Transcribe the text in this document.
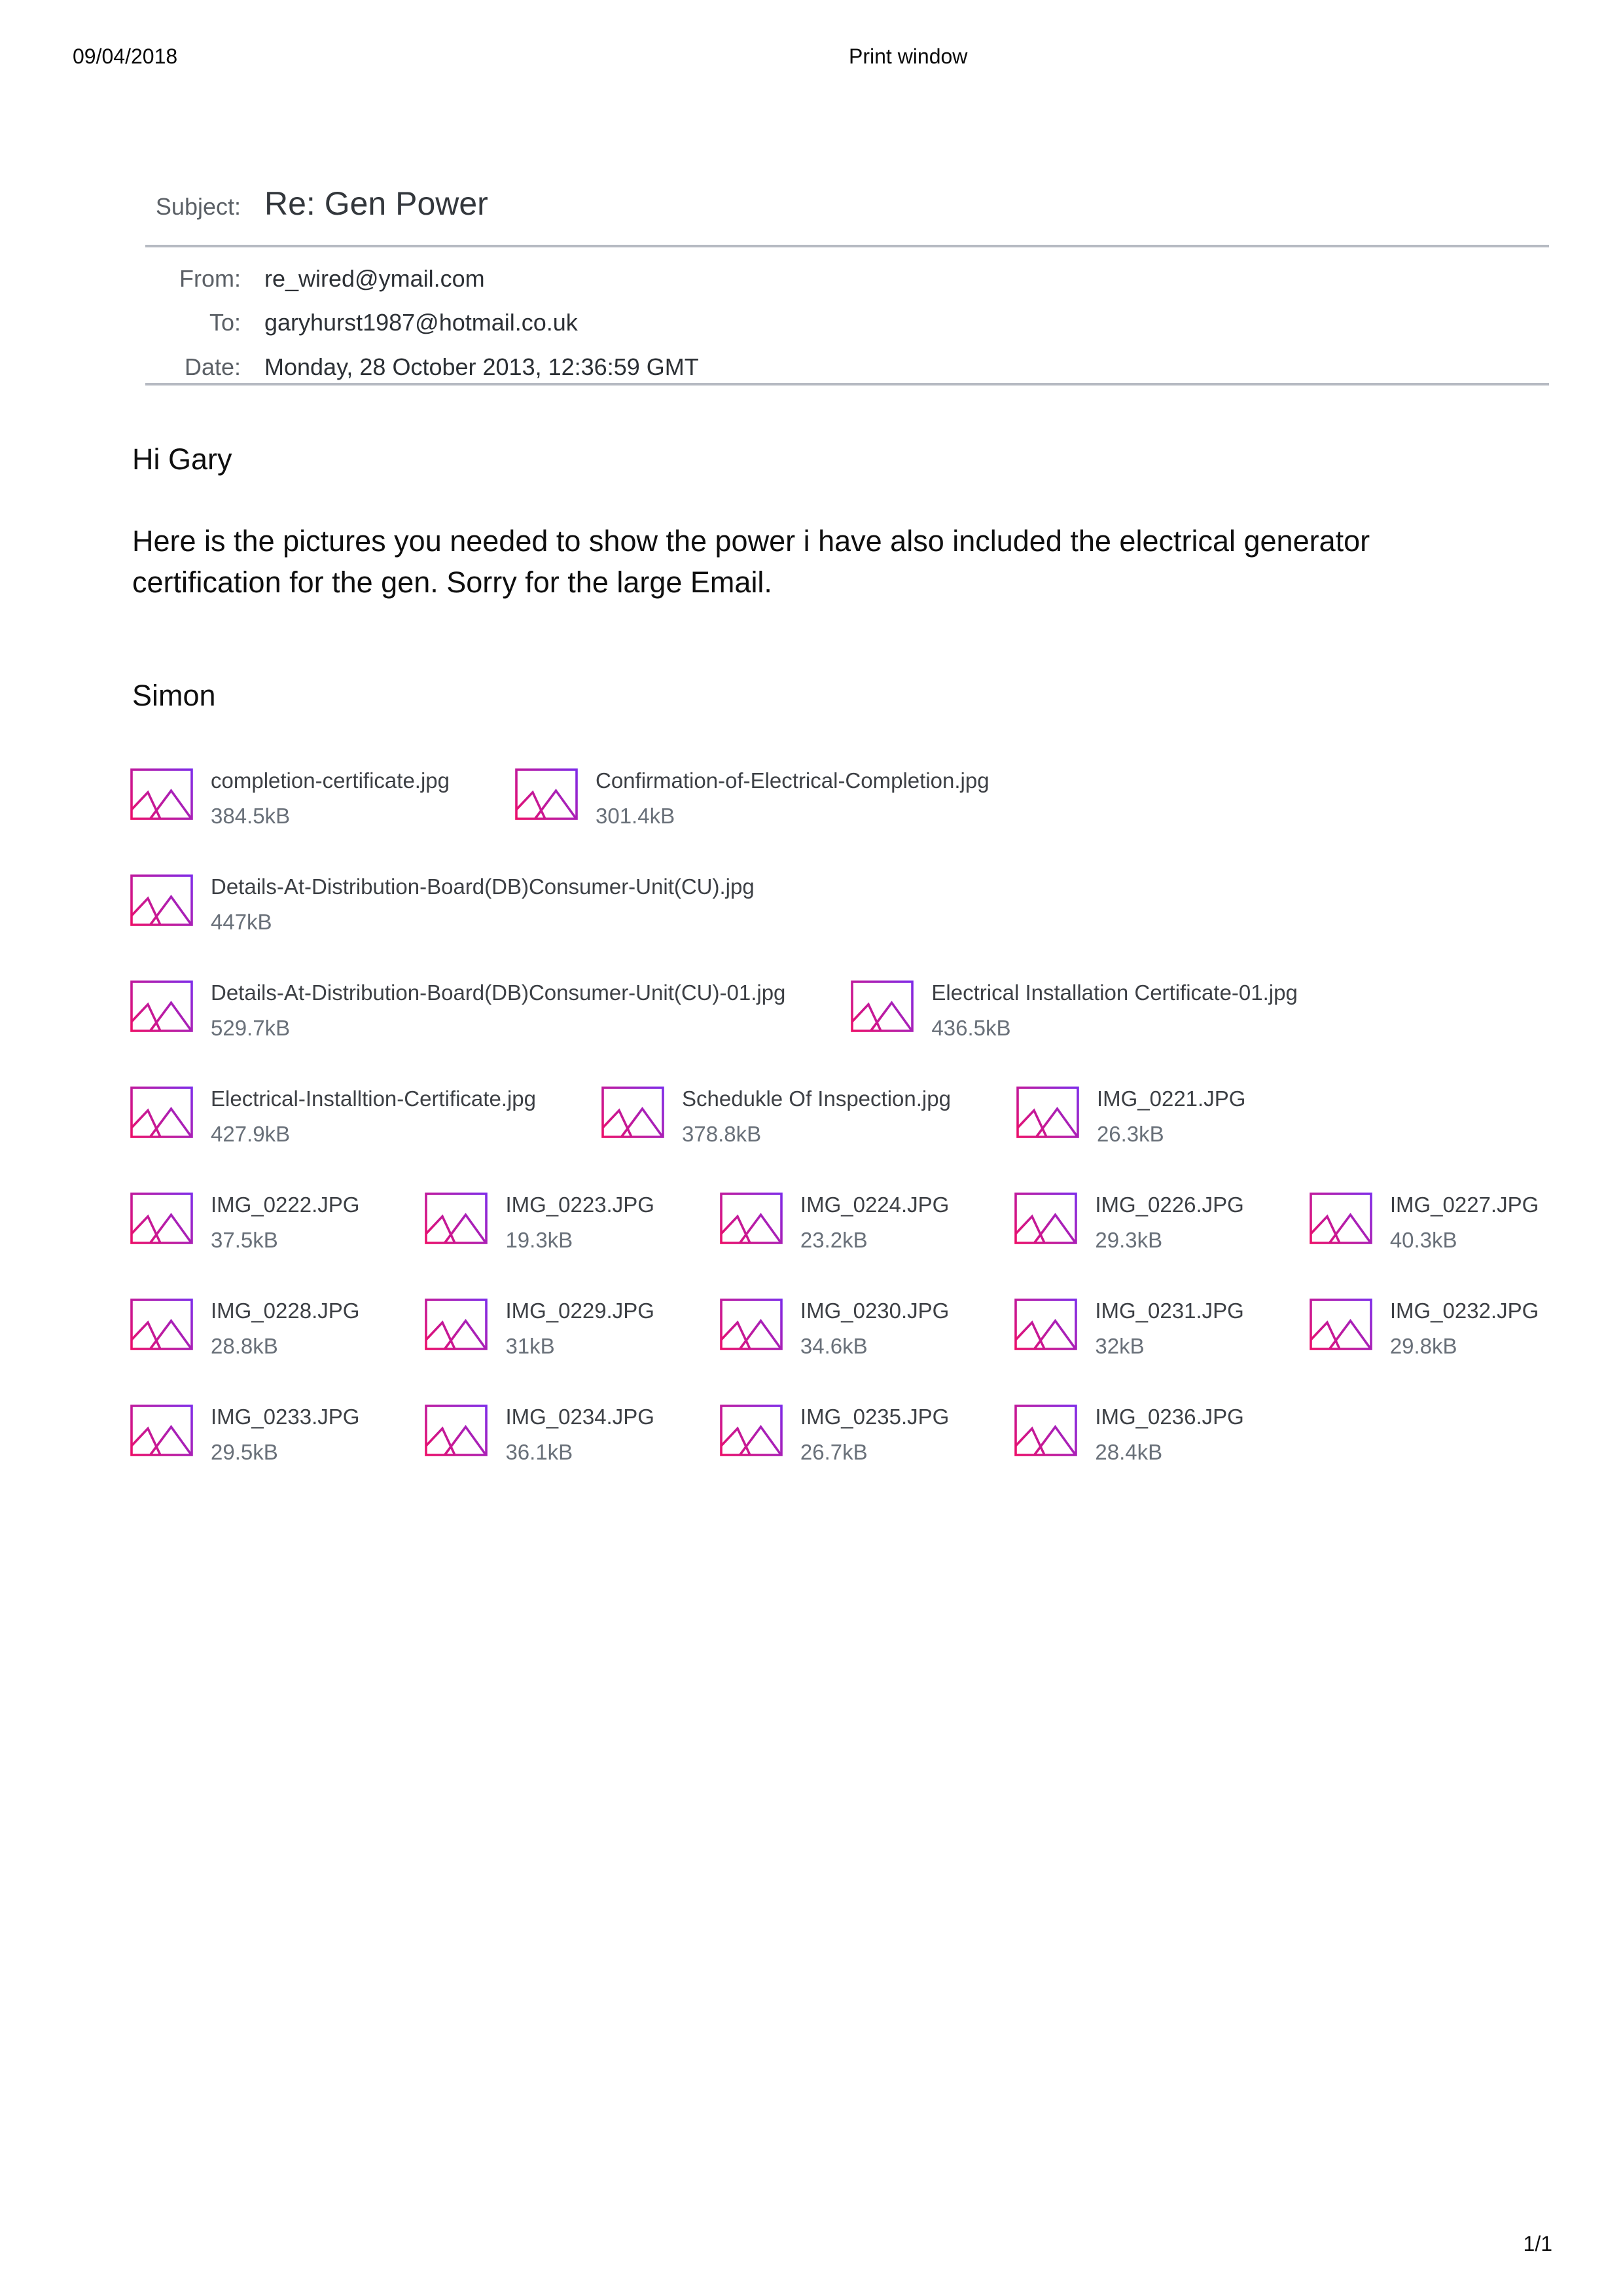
09/04/2018	Print window
Subject: Re: Gen Power
From: re_wired@ymail.com
To: garyhurst1987@hotmail.co.uk
Date: Monday, 28 October 2013, 12:36:59 GMT
Hi Gary
Here is the pictures you needed to show the power i have also included the electrical generator certification for the gen. Sorry for the large Email.
Simon
completion-certificate.jpg
384.5kB
Confirmation-of-Electrical-Completion.jpg
301.4kB
Details-At-Distribution-Board(DB)Consumer-Unit(CU).jpg
447kB
Details-At-Distribution-Board(DB)Consumer-Unit(CU)-01.jpg
529.7kB
Electrical Installation Certificate-01.jpg
436.5kB
Electrical-Installtion-Certificate.jpg
427.9kB
Schedukle Of Inspection.jpg
378.8kB
IMG_0221.JPG
26.3kB
IMG_0222.JPG
37.5kB
IMG_0223.JPG
19.3kB
IMG_0224.JPG
23.2kB
IMG_0226.JPG
29.3kB
IMG_0227.JPG
40.3kB
IMG_0228.JPG
28.8kB
IMG_0229.JPG
31kB
IMG_0230.JPG
34.6kB
IMG_0231.JPG
32kB
IMG_0232.JPG
29.8kB
IMG_0233.JPG
29.5kB
IMG_0234.JPG
36.1kB
IMG_0235.JPG
26.7kB
IMG_0236.JPG
28.4kB
1/1
